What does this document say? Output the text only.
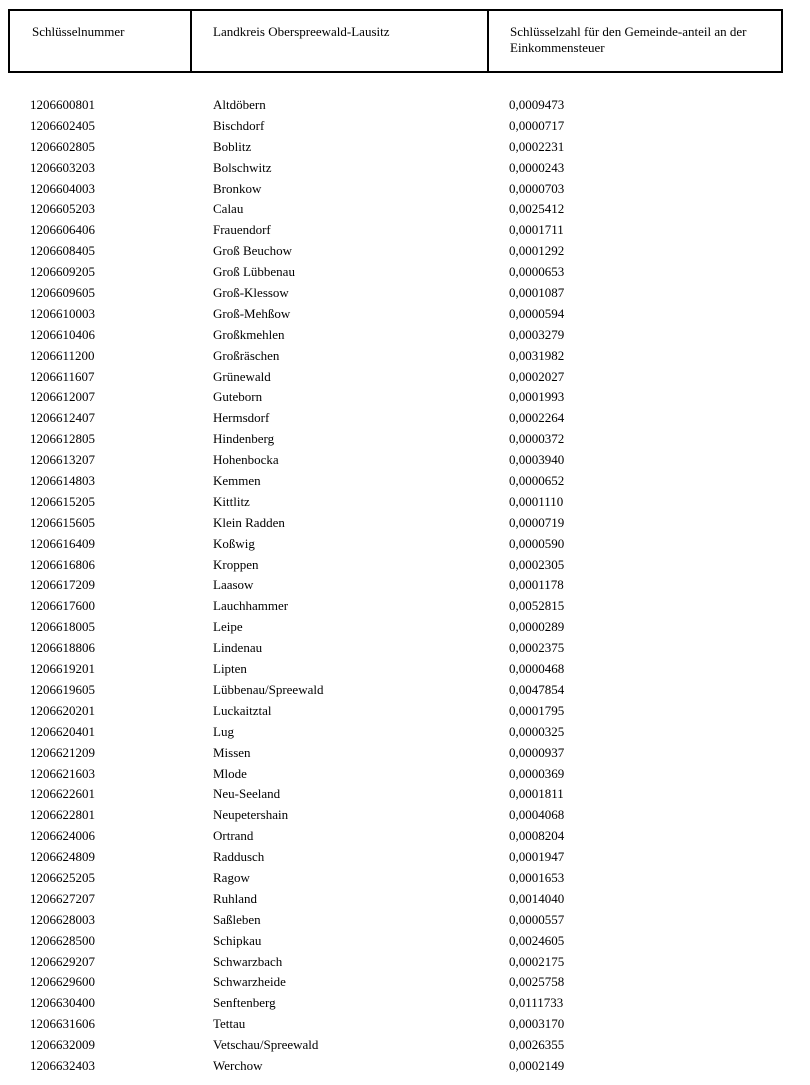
Schlüsselnummer	Landkreis Oberspreewald-Lausitz	Schlüsselzahl für den Gemeinde-anteil an der Einkommensteuer
1206600801	Altdöbern	0,0009473
1206602405	Bischdorf	0,0000717
1206602805	Boblitz	0,0002231
1206603203	Bolschwitz	0,0000243
1206604003	Bronkow	0,0000703
1206605203	Calau	0,0025412
1206606406	Frauendorf	0,0001711
1206608405	Groß Beuchow	0,0001292
1206609205	Groß Lübbenau	0,0000653
1206609605	Groß-Klessow	0,0001087
1206610003	Groß-Mehßow	0,0000594
1206610406	Großkmehlen	0,0003279
1206611200	Großräschen	0,0031982
1206611607	Grünewald	0,0002027
1206612007	Guteborn	0,0001993
1206612407	Hermsdorf	0,0002264
1206612805	Hindenberg	0,0000372
1206613207	Hohenbocka	0,0003940
1206614803	Kemmen	0,0000652
1206615205	Kittlitz	0,0001110
1206615605	Klein Radden	0,0000719
1206616409	Koßwig	0,0000590
1206616806	Kroppen	0,0002305
1206617209	Laasow	0,0001178
1206617600	Lauchhammer	0,0052815
1206618005	Leipe	0,0000289
1206618806	Lindenau	0,0002375
1206619201	Lipten	0,0000468
1206619605	Lübbenau/Spreewald	0,0047854
1206620201	Luckaitztal	0,0001795
1206620401	Lug	0,0000325
1206621209	Missen	0,0000937
1206621603	Mlode	0,0000369
1206622601	Neu-Seeland	0,0001811
1206622801	Neupetershain	0,0004068
1206624006	Ortrand	0,0008204
1206624809	Raddusch	0,0001947
1206625205	Ragow	0,0001653
1206627207	Ruhland	0,0014040
1206628003	Saßleben	0,0000557
1206628500	Schipkau	0,0024605
1206629207	Schwarzbach	0,0002175
1206629600	Schwarzheide	0,0025758
1206630400	Senftenberg	0,0111733
1206631606	Tettau	0,0003170
1206632009	Vetschau/Spreewald	0,0026355
1206632403	Werchow	0,0002149
